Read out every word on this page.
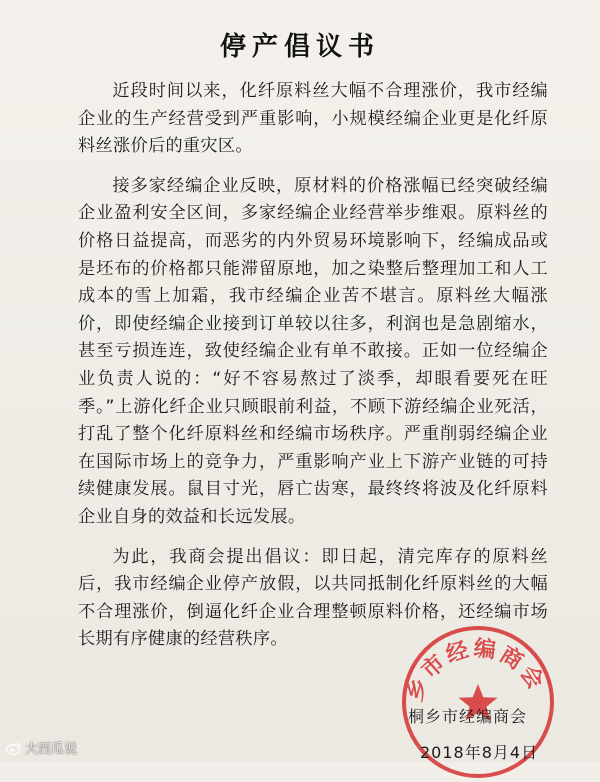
停产倡议书

近段时间以来，化纤原料丝大幅不合理涨价，我市经编企业的生产经营受到严重影响，小规模经编企业更是化纤原料丝涨价后的重灾区。

接多家经编企业反映，原材料的价格涨幅已经突破经编企业盈利安全区间，多家经编企业经营举步维艰。原料丝的价格日益提高，而恶劣的内外贸易环境影响下，经编成品或是坯布的价格都只能滞留原地，加之染整后整理加工和人工成本的雪上加霜，我市经编企业苦不堪言。原料丝大幅涨价，即使经编企业接到订单较以往多，利润也是急剧缩水，甚至亏损连连，致使经编企业有单不敢接。正如一位经编企业负责人说的：“好不容易熬过了淡季，却眼看要死在旺季。”上游化纤企业只顾眼前利益，不顾下游经编企业死活，打乱了整个化纤原料丝和经编市场秩序。严重削弱经编企业在国际市场上的竞争力，严重影响产业上下游产业链的可持续健康发展。鼠目寸光，唇亡齿寒，最终终将波及化纤原料企业自身的效益和长远发展。

为此，我商会提出倡议：即日起，清完库存的原料丝后，我市经编企业停产放假，以共同抵制化纤原料丝的大幅不合理涨价，倒逼化纤企业合理整顿原料价格，还经编市场长期有序健康的经营秩序。

乡市经编商会
桐乡市经编商会
2018年8月4日
大西瓜说
